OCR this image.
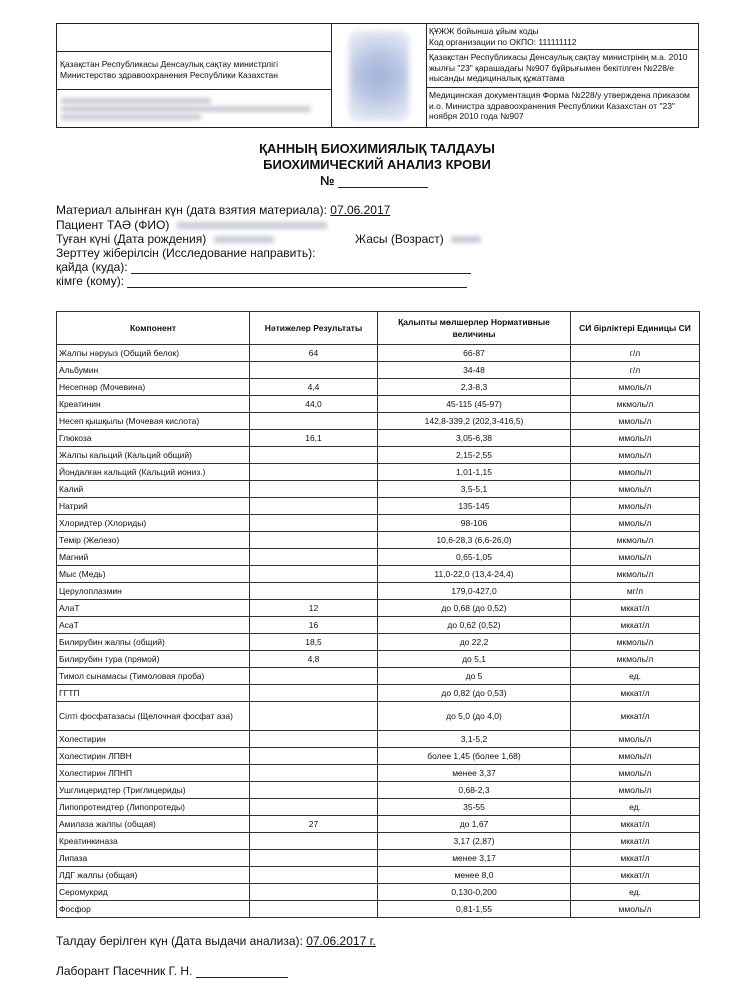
Қазақстан Республикасы Денсаулық сақтау министрлігі
Министерство здравоохранения Республики Казахстан
ҚҰЖЖ бойынша ұйым коды
Код организации по ОКПО: 111111112
Қазақстан Республикасы Денсаулық сақтау министрінің м.а. 2010 жылғы "23" қарашадағы №907 бұйрығымен бекітілген №228/е нысанды медициналық құжаттама
Медицинская документация Форма №228/у утверждена приказом и.о. Министра здравоохранения Республики Казахстан от "23" ноября 2010 года №907
ҚАННЫҢ БИОХИМИЯЛЫҚ ТАЛДАУЫ
БИОХИМИЧЕСКИЙ АНАЛИЗ КРОВИ
№
Материал алынған күн (дата взятия материала): 07.06.2017
Пациент ТАӘ (ФИО)
Туған күні (Дата рождения)	Жасы (Возраст)
Зерттеу жіберілсін (Исследование направить):
қайда (куда):
кімге (кому):
Компонент	Нәтижелер Результаты	Қалыпты мөлшерлер Нормативные величины	СИ бірліктері Единицы СИ
Жалпы нәруыз (Общий белок)	64	66-87	г/л
Альбумин		34-48	г/л
Несепнәр (Мочевина)	4,4	2,3-8,3	ммоль/л
Креатинин	44,0	45-115 (45-97)	мкмоль/л
Несеп қышқылы (Мочевая кислота)		142,8-339,2 (202,3-416,5)	ммоль/л
Глюкоза	16,1	3,05-6,38	ммоль/л
Жалпы кальций (Кальций общий)		2,15-2,55	ммоль/л
Йондалған кальций (Кальций иониз.)		1,01-1,15	ммоль/л
Калий		3,5-5,1	ммоль/л
Натрий		135-145	ммоль/л
Хлоридтер (Хлориды)		98-106	ммоль/л
Темір (Железо)		10,6-28,3 (6,6-26,0)	мкмоль/л
Магний		0,65-1,05	ммоль/л
Мыс (Медь)		11,0-22,0 (13,4-24,4)	мкмоль/л
Церулоплазмин		179,0-427,0	мг/л
АлаТ	12	до 0,68 (до 0,52)	мккат/л
АсаТ	16	до 0,62 (0,52)	мккат/л
Билирубин жалпы (общий)	18,5	до 22,2	мкмоль/л
Билирубин тура (прямой)	4,8	до 5,1	мкмоль/л
Тимол сынамасы (Тимоловая проба)		до 5	ед.
ГГТП		до 0,82 (до 0,53)	мккат/л
Сілті фосфатазасы (Щелочная фосфат аза)		до 5,0 (до 4,0)	мккат/л
Холестирин		3,1-5,2	ммоль/л
Холестирин ЛПВН		более 1,45 (более 1,68)	ммоль/л
Холестирин ЛПНП		менее 3,37	ммоль/л
Ушглицеридтер (Триглицериды)		0,68-2,3	ммоль/л
Липопротеидтер (Липопротеды)		35-55	ед.
Амилаза жалпы (общая)	27	до 1,67	мккат/л
Креатинкиназа		3,17 (2,87)	мккат/л
Липаза		менее 3,17	мккат/л
ЛДГ жалпы (общая)		менее 8,0	мккат/л
Серомукрид		0,130-0,200	ед.
Фосфор		0,81-1,55	ммоль/л
Талдау берілген күн (Дата выдачи анализа): 07.06.2017 г.
Лаборант Пасечник Г. Н.
